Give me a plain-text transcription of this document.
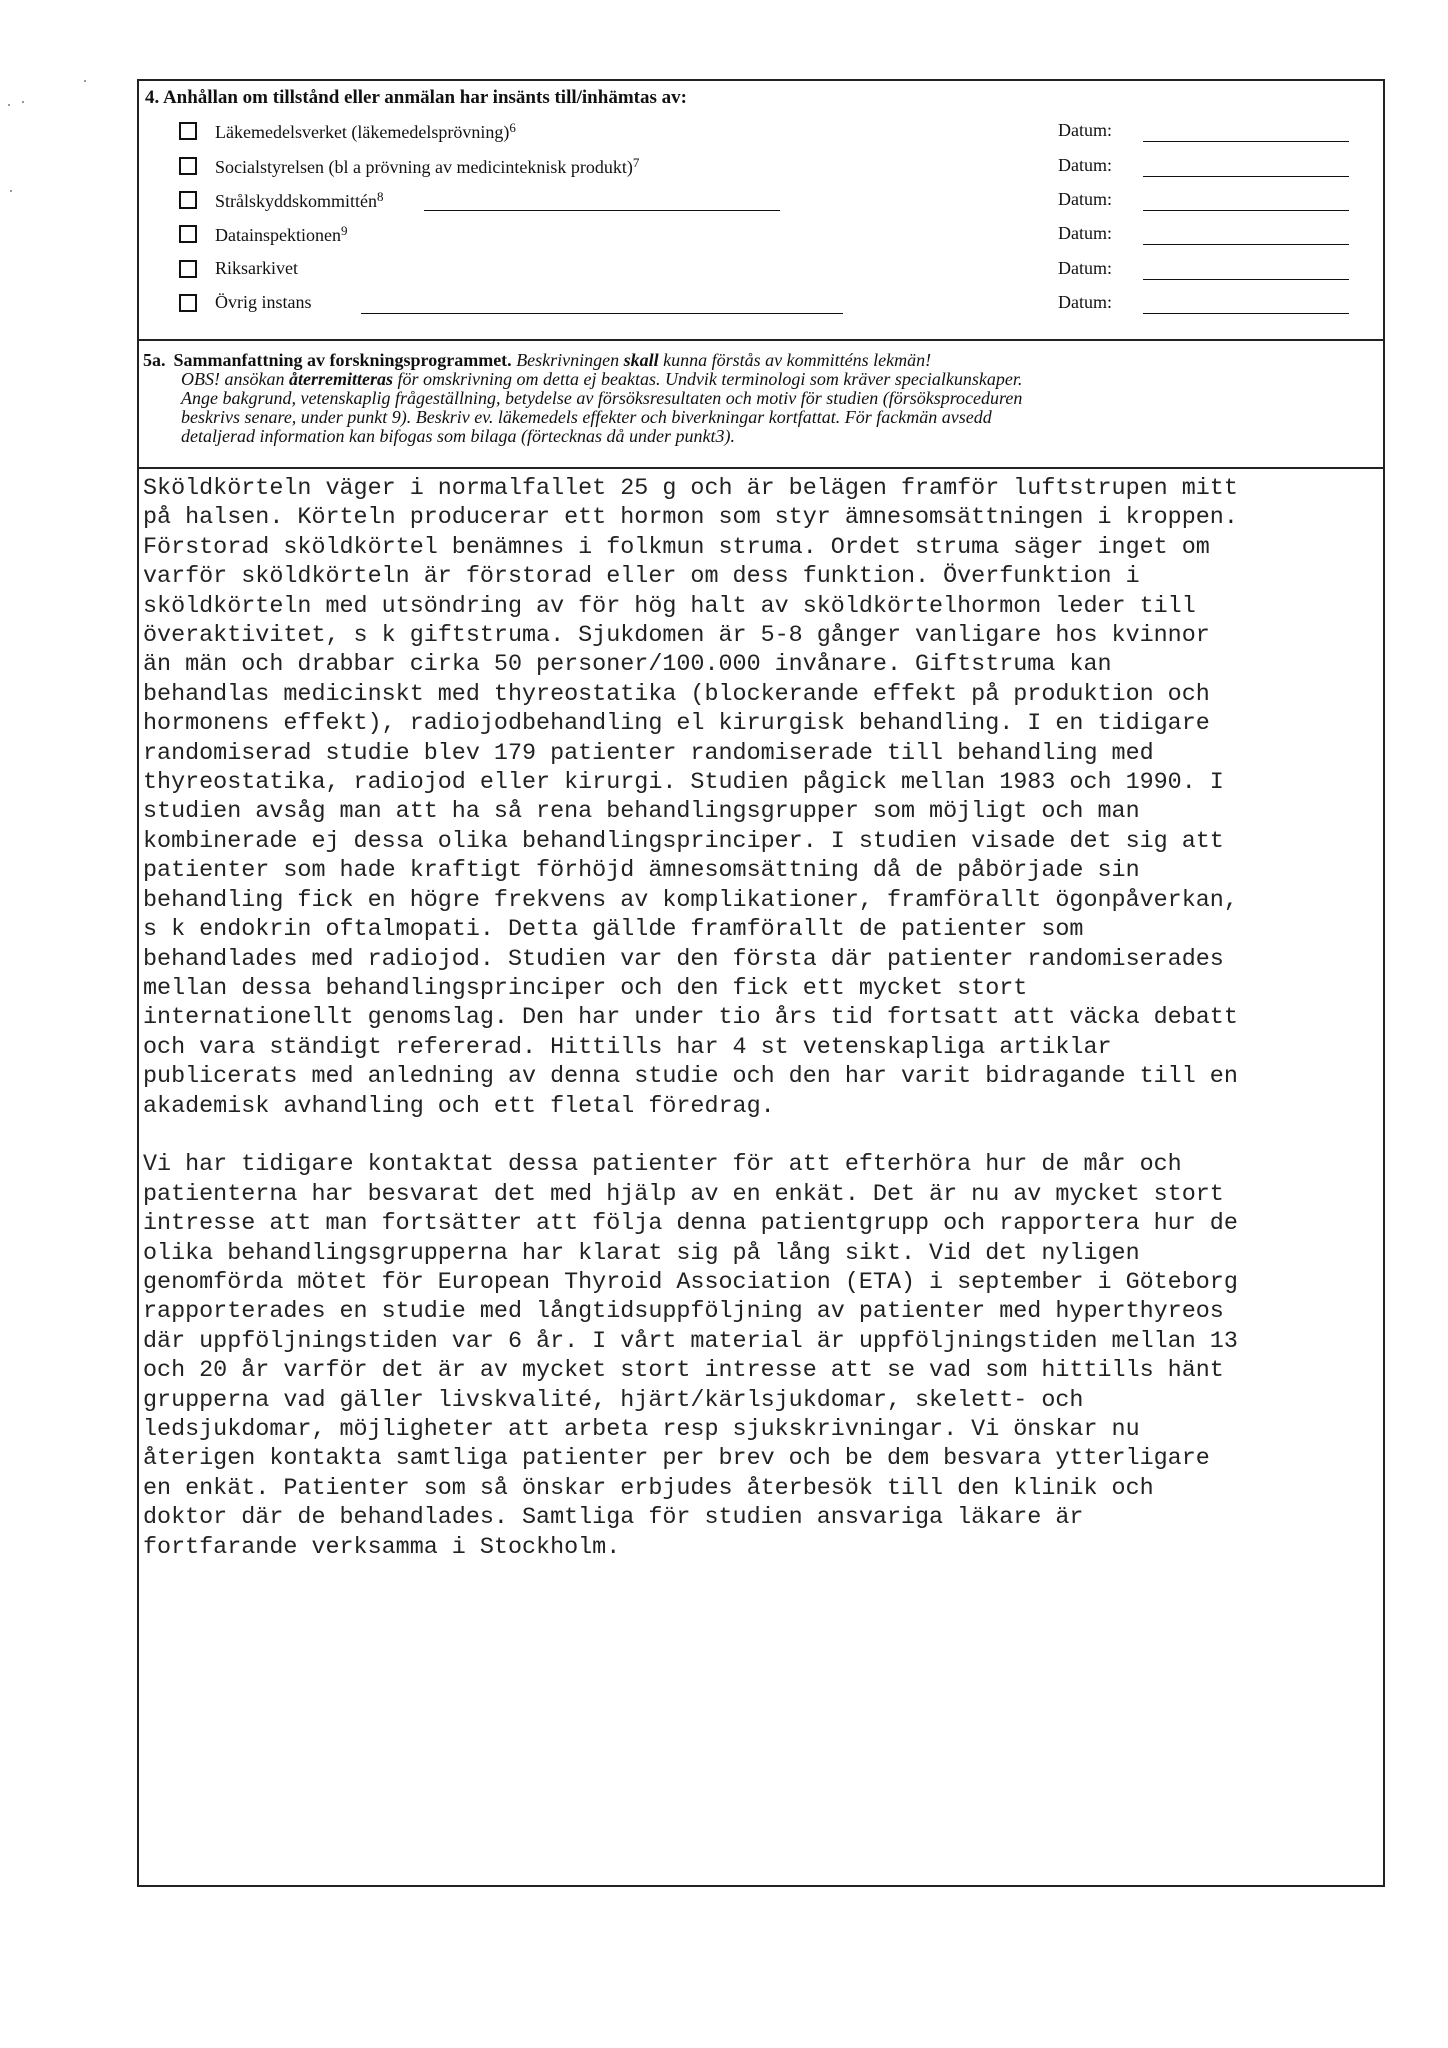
4. Anhållan om tillstånd eller anmälan har insänts till/inhämtas av:
Läkemedelsverket (läkemedelsprövning)$^6$	Datum:
Socialstyrelsen (bl a prövning av medicinteknisk produkt)$^7$	Datum:
Strålskyddskommittén$^8$	Datum:
Datainspektionen$^9$	Datum:
Riksarkivet	Datum:
Övrig instans	Datum:
5a. Sammanfattning av forskningsprogrammet. Beskrivningen skall kunna förstås av kommitténs lekmän!
OBS! ansökan återremitteras för omskrivning om detta ej beaktas. Undvik terminologi som kräver specialkunskaper.
Ange bakgrund, vetenskaplig frågeställning, betydelse av försöksresultaten och motiv för studien (försöksproceduren
beskrivs senare, under punkt 9). Beskriv ev. läkemedels effekter och biverkningar kortfattat. För fackmän avsedd
detaljerad information kan bifogas som bilaga (förtecknas då under punkt3).
Sköldkörteln väger i normalfallet 25 g och är belägen framför luftstrupen mitt
på halsen. Körteln producerar ett hormon som styr ämnesomsättningen i kroppen.
Förstorad sköldkörtel benämnes i folkmun struma. Ordet struma säger inget om
varför sköldkörteln är förstorad eller om dess funktion. Överfunktion i
sköldkörteln med utsöndring av för hög halt av sköldkörtelhormon leder till
överaktivitet, s k giftstruma. Sjukdomen är 5-8 gånger vanligare hos kvinnor
än män och drabbar cirka 50 personer/100.000 invånare. Giftstruma kan
behandlas medicinskt med thyreostatika (blockerande effekt på produktion och
hormonens effekt), radiojodbehandling el kirurgisk behandling. I en tidigare
randomiserad studie blev 179 patienter randomiserade till behandling med
thyreostatika, radiojod eller kirurgi. Studien pågick mellan 1983 och 1990. I
studien avsåg man att ha så rena behandlingsgrupper som möjligt och man
kombinerade ej dessa olika behandlingsprinciper. I studien visade det sig att
patienter som hade kraftigt förhöjd ämnesomsättning då de påbörjade sin
behandling fick en högre frekvens av komplikationer, framförallt ögonpåverkan,
s k endokrin oftalmopati. Detta gällde framförallt de patienter som
behandlades med radiojod. Studien var den första där patienter randomiserades
mellan dessa behandlingsprinciper och den fick ett mycket stort
internationellt genomslag. Den har under tio års tid fortsatt att väcka debatt
och vara ständigt refererad. Hittills har 4 st vetenskapliga artiklar
publicerats med anledning av denna studie och den har varit bidragande till en
akademisk avhandling och ett fletal föredrag.

Vi har tidigare kontaktat dessa patienter för att efterhöra hur de mår och
patienterna har besvarat det med hjälp av en enkät. Det är nu av mycket stort
intresse att man fortsätter att följa denna patientgrupp och rapportera hur de
olika behandlingsgrupperna har klarat sig på lång sikt. Vid det nyligen
genomförda mötet för European Thyroid Association (ETA) i september i Göteborg
rapporterades en studie med långtidsuppföljning av patienter med hyperthyreos
där uppföljningstiden var 6 år. I vårt material är uppföljningstiden mellan 13
och 20 år varför det är av mycket stort intresse att se vad som hittills hänt
grupperna vad gäller livskvalité, hjärt/kärlsjukdomar, skelett- och
ledsjukdomar, möjligheter att arbeta resp sjukskrivningar. Vi önskar nu
återigen kontakta samtliga patienter per brev och be dem besvara ytterligare
en enkät. Patienter som så önskar erbjudes återbesök till den klinik och
doktor där de behandlades. Samtliga för studien ansvariga läkare är
fortfarande verksamma i Stockholm.
